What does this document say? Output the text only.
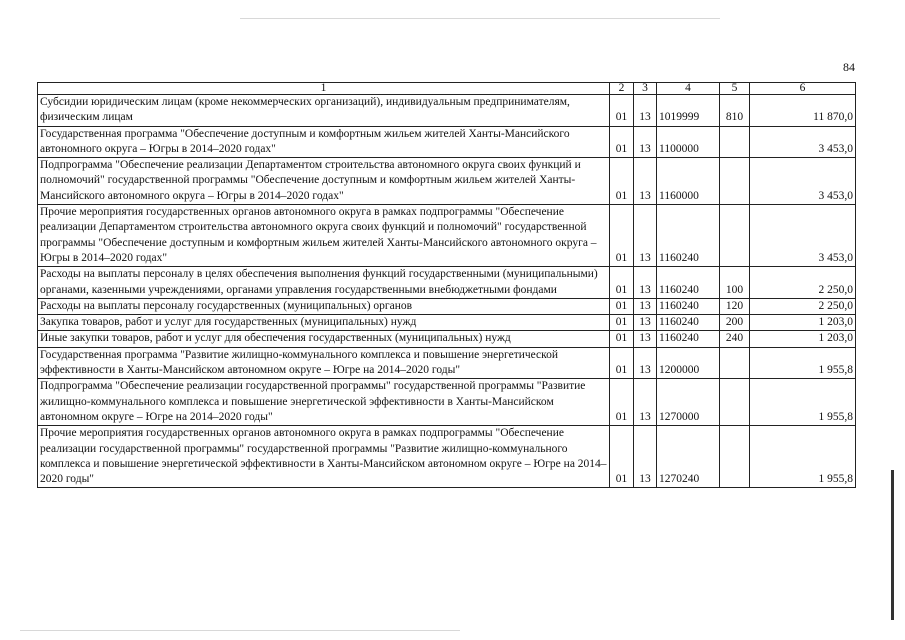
84
1	2	3	4	5	6
Субсидии юридическим лицам (кроме некоммерческих организаций), индивидуальным предпринимателям, физическим лицам	01	13	1019999	810	11 870,0
Государственная программа "Обеспечение доступным и комфортным жильем жителей Ханты-Мансийского автономного округа – Югры в 2014–2020 годах"	01	13	1100000		3 453,0
Подпрограмма "Обеспечение реализации Департаментом строительства автономного округа своих функций и полномочий" государственной программы "Обеспечение доступным и комфортным жильем жителей Ханты-Мансийского автономного округа – Югры в 2014–2020 годах"	01	13	1160000		3 453,0
Прочие мероприятия государственных органов автономного округа в рамках подпрограммы "Обеспечение реализации Департаментом строительства автономного округа своих функций и полномочий" государственной программы "Обеспечение доступным и комфортным жильем жителей Ханты-Мансийского автономного округа – Югры в 2014–2020 годах"	01	13	1160240		3 453,0
Расходы на выплаты персоналу в целях обеспечения выполнения функций государственными (муниципальными) органами, казенными учреждениями, органами управления государственными внебюджетными фондами	01	13	1160240	100	2 250,0
Расходы на выплаты персоналу государственных (муниципальных) органов	01	13	1160240	120	2 250,0
Закупка товаров, работ и услуг для государственных (муниципальных) нужд	01	13	1160240	200	1 203,0
Иные закупки товаров, работ и услуг для обеспечения государственных (муниципальных) нужд	01	13	1160240	240	1 203,0
Государственная программа "Развитие жилищно-коммунального комплекса и повышение энергетической эффективности в Ханты-Мансийском автономном округе – Югре на 2014–2020 годы"	01	13	1200000		1 955,8
Подпрограмма "Обеспечение реализации государственной программы" государственной программы "Развитие жилищно-коммунального комплекса и повышение энергетической эффективности в Ханты-Мансийском автономном округе – Югре на 2014–2020 годы"	01	13	1270000		1 955,8
Прочие мероприятия государственных органов автономного округа в рамках подпрограммы "Обеспечение реализации государственной программы" государственной программы "Развитие жилищно-коммунального комплекса и повышение энергетической эффективности в Ханты-Мансийском автономном округе – Югре на 2014–2020 годы"	01	13	1270240		1 955,8
